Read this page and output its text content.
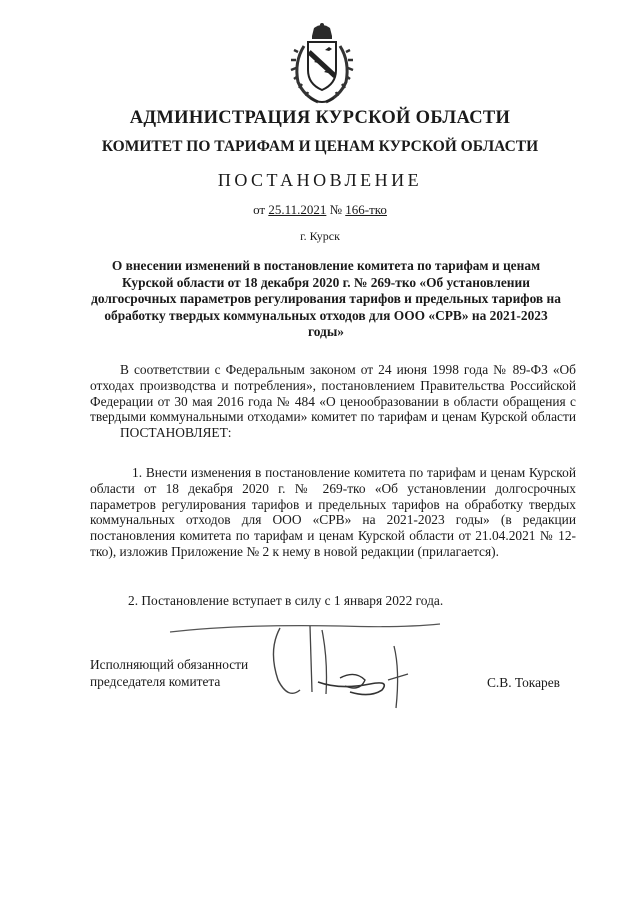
АДМИНИСТРАЦИЯ КУРСКОЙ ОБЛАСТИ
КОМИТЕТ ПО ТАРИФАМ И ЦЕНАМ КУРСКОЙ ОБЛАСТИ
ПОСТАНОВЛЕНИЕ
от 25.11.2021 № 166-тко
г. Курск
О внесении изменений в постановление комитета по тарифам и ценам Курской области от 18 декабря 2020 г. № 269-тко «Об установлении долгосрочных параметров регулирования тарифов и предельных тарифов на обработку твердых коммунальных отходов для ООО «СРВ» на 2021-2023 годы»

В соответствии с Федеральным законом от 24 июня 1998 года № 89-ФЗ «Об отходах производства и потребления», постановлением Правительства Российской Федерации от 30 мая 2016 года № 484 «О ценообразовании в области обращения с твердыми коммунальными отходами» комитет по тарифам и ценам Курской области

ПОСТАНОВЛЯЕТ:

1. Внести изменения в постановление комитета по тарифам и ценам Курской области от 18 декабря 2020 г. № 269-тко «Об установлении долгосрочных параметров регулирования тарифов и предельных тарифов на обработку твердых коммунальных отходов для ООО «СРВ» на 2021-2023 годы» (в редакции постановления комитета по тарифам и ценам Курской области от 21.04.2021 № 12-тко), изложив Приложение № 2 к нему в новой редакции (прилагается).

2. Постановление вступает в силу с 1 января 2022 года.

Исполняющий обязанности
председателя комитета	С.В. Токарев
